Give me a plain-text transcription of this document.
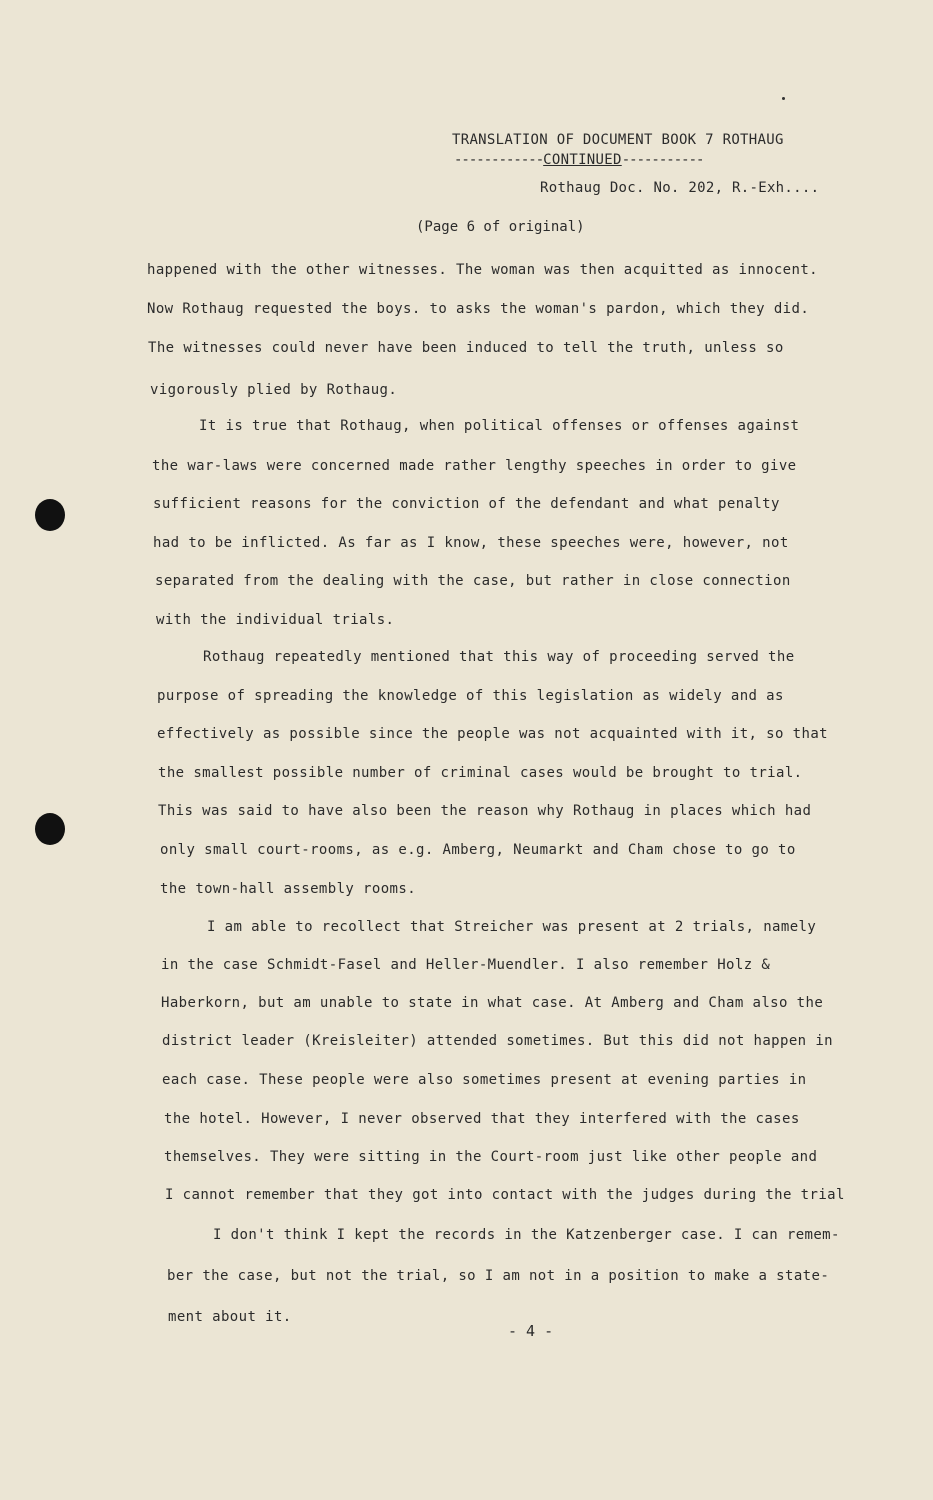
TRANSLATION OF DOCUMENT BOOK 7 ROTHAUG
------------CONTINUED-----------
Rothaug Doc. No. 202, R.-Exh....
(Page 6 of original)
happened with the other witnesses. The woman was then acquitted as innocent.
Now Rothaug requested the boys. to asks the woman's pardon, which they did.
The witnesses could never have been induced to tell the truth, unless so
vigorously plied by Rothaug.
It is true that Rothaug, when political offenses or offenses against
the war-laws were concerned made rather lengthy speeches in order to give
sufficient reasons for the conviction of the defendant and what penalty
had to be inflicted. As far as I know, these speeches were, however, not
separated from the dealing with the case, but rather in close connection
with the individual trials.
Rothaug repeatedly mentioned that this way of proceeding served the
purpose of spreading the knowledge of this legislation as widely and as
effectively as possible since the people was not acquainted with it, so that
the smallest possible number of criminal cases would be brought to trial.
This was said to have also been the reason why Rothaug in places which had
only small court-rooms, as e.g. Amberg, Neumarkt and Cham chose to go to
the town-hall assembly rooms.
I am able to recollect that Streicher was present at 2 trials, namely
in the case Schmidt-Fasel and Heller-Muendler. I also remember Holz &
Haberkorn, but am unable to state in what case. At Amberg and Cham also the
district leader (Kreisleiter) attended sometimes. But this did not happen in
each case. These people were also sometimes present at evening parties in
the hotel. However, I never observed that they interfered with the cases
themselves. They were sitting in the Court-room just like other people and
I cannot remember that they got into contact with the judges during the trial
I don't think I kept the records in the Katzenberger case. I can remem-
ber the case, but not the trial, so I am not in a position to make a state-
ment about it.
- 4 -
